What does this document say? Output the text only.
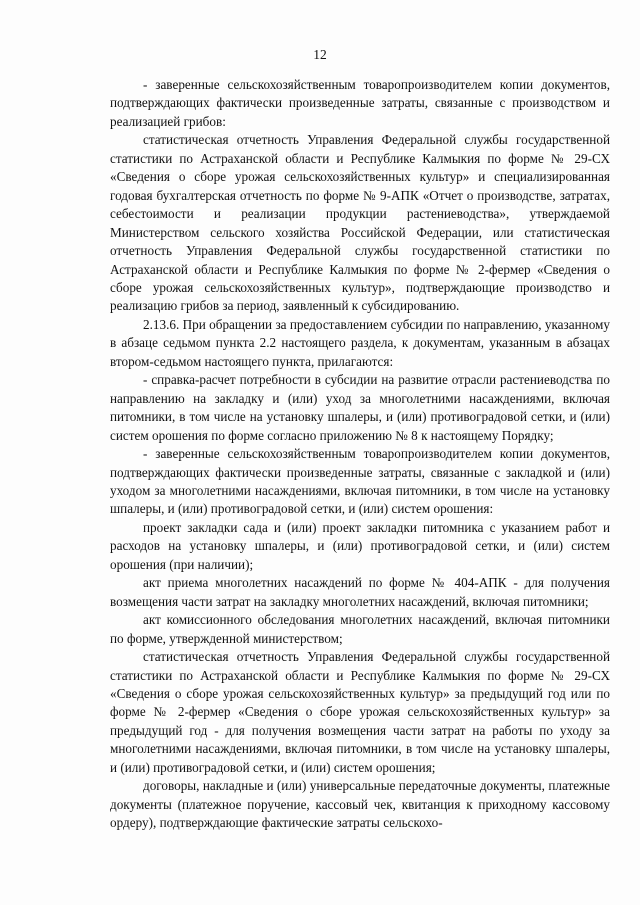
12

- заверенные сельскохозяйственным товаропроизводителем копии документов, подтверждающих фактически произведенные затраты, связанные с производством и реализацией грибов:

статистическая отчетность Управления Федеральной службы государственной статистики по Астраханской области и Республике Калмыкия по форме № 29-СХ «Сведения о сборе урожая сельскохозяйственных культур» и специализированная годовая бухгалтерская отчетность по форме № 9-АПК «Отчет о производстве, затратах, себестоимости и реализации продукции растениеводства», утверждаемой Министерством сельского хозяйства Российской Федерации, или статистическая отчетность Управления Федеральной службы государственной статистики по Астраханской области и Республике Калмыкия по форме № 2-фермер «Сведения о сборе урожая сельскохозяйственных культур», подтверждающие производство и реализацию грибов за период, заявленный к субсидированию.

2.13.6. При обращении за предоставлением субсидии по направлению, указанному в абзаце седьмом пункта 2.2 настоящего раздела, к документам, указанным в абзацах втором-седьмом настоящего пункта, прилагаются:

- справка-расчет потребности в субсидии на развитие отрасли растениеводства по направлению на закладку и (или) уход за многолетними насаждениями, включая питомники, в том числе на установку шпалеры, и (или) противоградовой сетки, и (или) систем орошения по форме согласно приложению № 8 к настоящему Порядку;

- заверенные сельскохозяйственным товаропроизводителем копии документов, подтверждающих фактически произведенные затраты, связанные с закладкой и (или) уходом за многолетними насаждениями, включая питомники, в том числе на установку шпалеры, и (или) противоградовой сетки, и (или) систем орошения:

проект закладки сада и (или) проект закладки питомника с указанием работ и расходов на установку шпалеры, и (или) противоградовой сетки, и (или) систем орошения (при наличии);

акт приема многолетних насаждений по форме № 404-АПК - для получения возмещения части затрат на закладку многолетних насаждений, включая питомники;

акт комиссионного обследования многолетних насаждений, включая питомники по форме, утвержденной министерством;

статистическая отчетность Управления Федеральной службы государственной статистики по Астраханской области и Республике Калмыкия по форме № 29-СХ «Сведения о сборе урожая сельскохозяйственных культур» за предыдущий год или по форме № 2-фермер «Сведения о сборе урожая сельскохозяйственных культур» за предыдущий год - для получения возмещения части затрат на работы по уходу за многолетними насаждениями, включая питомники, в том числе на установку шпалеры, и (или) противоградовой сетки, и (или) систем орошения;

договоры, накладные и (или) универсальные передаточные документы, платежные документы (платежное поручение, кассовый чек, квитанция к приходному кассовому ордеру), подтверждающие фактические затраты сельскохо-
